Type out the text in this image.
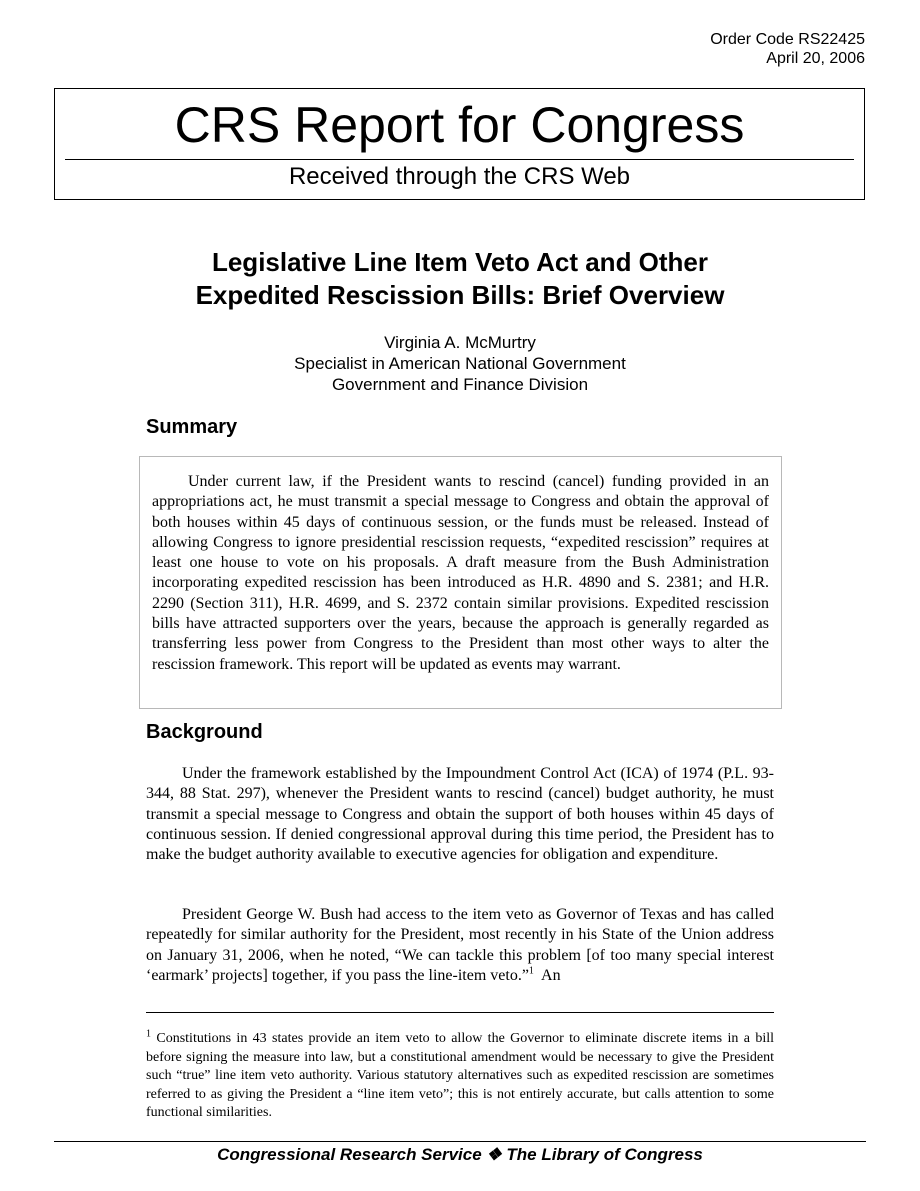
Order Code RS22425
April 20, 2006
CRS Report for Congress
Received through the CRS Web
Legislative Line Item Veto Act and Other
Expedited Rescission Bills: Brief Overview
Virginia A. McMurtry
Specialist in American National Government
Government and Finance Division
Summary
Under current law, if the President wants to rescind (cancel) funding provided in an appropriations act, he must transmit a special message to Congress and obtain the approval of both houses within 45 days of continuous session, or the funds must be released. Instead of allowing Congress to ignore presidential rescission requests, “expedited rescission” requires at least one house to vote on his proposals. A draft measure from the Bush Administration incorporating expedited rescission has been introduced as H.R. 4890 and S. 2381; and H.R. 2290 (Section 311), H.R. 4699, and S. 2372 contain similar provisions. Expedited rescission bills have attracted supporters over the years, because the approach is generally regarded as transferring less power from Congress to the President than most other ways to alter the rescission framework. This report will be updated as events may warrant.
Background
Under the framework established by the Impoundment Control Act (ICA) of 1974 (P.L. 93-344, 88 Stat. 297), whenever the President wants to rescind (cancel) budget authority, he must transmit a special message to Congress and obtain the support of both houses within 45 days of continuous session. If denied congressional approval during this time period, the President has to make the budget authority available to executive agencies for obligation and expenditure.
President George W. Bush had access to the item veto as Governor of Texas and has called repeatedly for similar authority for the President, most recently in his State of the Union address on January 31, 2006, when he noted, “We can tackle this problem [of too many special interest ‘earmark’ projects] together, if you pass the line-item veto.”$^1$ An
$^1$ Constitutions in 43 states provide an item veto to allow the Governor to eliminate discrete items in a bill before signing the measure into law, but a constitutional amendment would be necessary to give the President such “true” line item veto authority. Various statutory alternatives such as expedited rescission are sometimes referred to as giving the President a “line item veto”; this is not entirely accurate, but calls attention to some functional similarities.
Congressional Research Service ❖ The Library of Congress
